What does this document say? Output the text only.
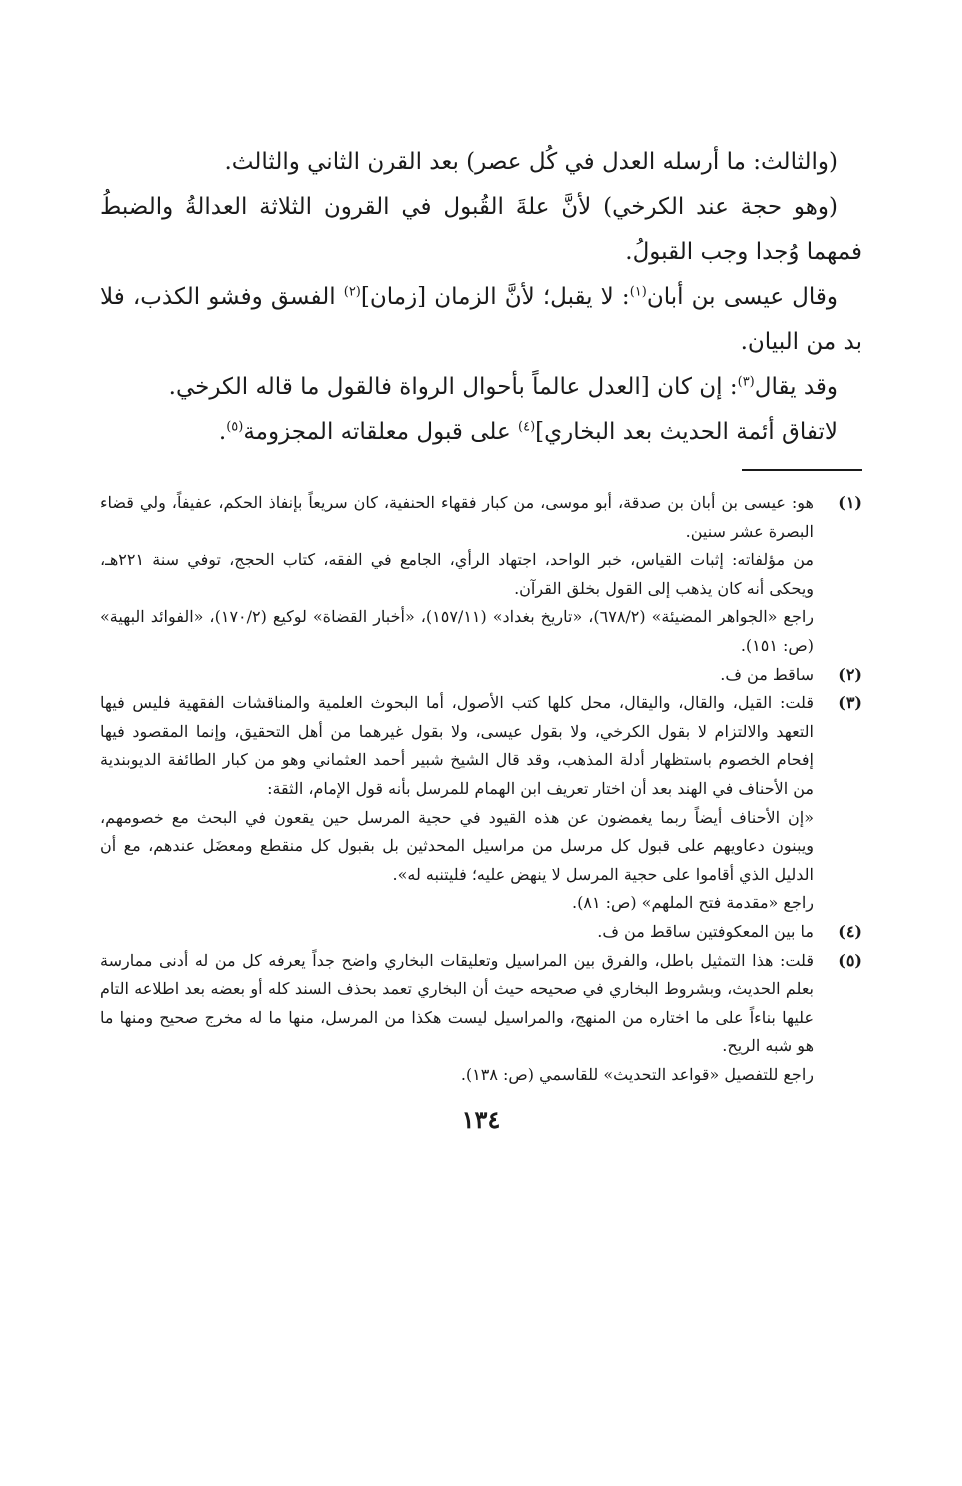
(والثالث: ما أرسله العدل في كُل عصر) بعد القرن الثاني والثالث.

(وهو حجة عند الكرخي) لأنَّ علةَ القُبول في القرون الثلاثة العدالةُ والضبطُ فمهما وُجدا وجب القبولُ.

وقال عيسى بن أبان$^{(١)}$: لا يقبل؛ لأنَّ الزمان [زمان]$^{(٢)}$ الفسق وفشو الكذب، فلا بد من البيان.

وقد يقال$^{(٣)}$: إن كان [العدل عالماً بأحوال الرواة فالقول ما قاله الكرخي.

لاتفاق أئمة الحديث بعد البخاري]$^{(٤)}$ على قبول معلقاته المجزومة$^{(٥)}$.

(١)

هو: عيسى بن أبان بن صدقة، أبو موسى، من كبار فقهاء الحنفية، كان سريعاً بإنفاذ الحكم، عفيفاً، ولي قضاء البصرة عشر سنين.

من مؤلفاته: إثبات القياس، خبر الواحد، اجتهاد الرأي، الجامع في الفقه، كتاب الحجج، توفي سنة ٢٢١هـ، ويحكى أنه كان يذهب إلى القول بخلق القرآن.

راجع «الجواهر المضيئة» (٦٧٨/٢)، «تاريخ بغداد» (١٥٧/١١)، «أخبار القضاة» لوكيع (١٧٠/٢)، «الفوائد البهية» (ص: ١٥١).

(٢)

ساقط من ف.

(٣)

قلت: القيل، والقال، واليقال، محل كلها كتب الأصول، أما البحوث العلمية والمناقشات الفقهية فليس فيها التعهد والالتزام لا بقول الكرخي، ولا بقول عيسى، ولا بقول غيرهما من أهل التحقيق، وإنما المقصود فيها إفحام الخصوم باستظهار أدلة المذهب، وقد قال الشيخ شبير أحمد العثماني وهو من كبار الطائفة الديوبندية من الأحناف في الهند بعد أن اختار تعريف ابن الهمام للمرسل بأنه قول الإمام، الثقة:

«إن الأحناف أيضاً ربما يغمضون عن هذه القيود في حجية المرسل حين يقعون في البحث مع خصومهم، ويبنون دعاويهم على قبول كل مرسل من مراسيل المحدثين بل بقبول كل منقطع ومعضَل عندهم، مع أن الدليل الذي أقاموا على حجية المرسل لا ينهض عليه؛ فليتنبه له».

راجع «مقدمة فتح الملهم» (ص: ٨١).

(٤)

ما بين المعكوفتين ساقط من ف.

(٥)

قلت: هذا التمثيل باطل، والفرق بين المراسيل وتعليقات البخاري واضح جداً يعرفه كل من له أدنى ممارسة بعلم الحديث، وبشروط البخاري في صحيحه حيث أن البخاري تعمد بحذف السند كله أو بعضه بعد اطلاعه التام عليها بناءاً على ما اختاره من المنهج، والمراسيل ليست هكذا من المرسل، منها ما له مخرج صحيح ومنها ما هو شبه الريح.

راجع للتفصيل «قواعد التحديث» للقاسمي (ص: ١٣٨).

١٣٤
